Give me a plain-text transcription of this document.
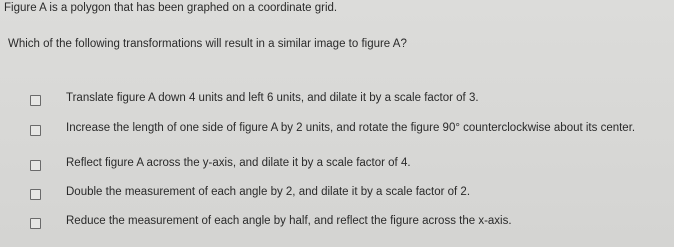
Figure A is a polygon that has been graphed on a coordinate grid.
Which of the following transformations will result in a similar image to figure A?
Translate figure A down 4 units and left 6 units, and dilate it by a scale factor of 3.
Increase the length of one side of figure A by 2 units, and rotate the figure 90° counterclockwise about its center.
Reflect figure A across the y-axis, and dilate it by a scale factor of 4.
Double the measurement of each angle by 2, and dilate it by a scale factor of 2.
Reduce the measurement of each angle by half, and reflect the figure across the x-axis.
